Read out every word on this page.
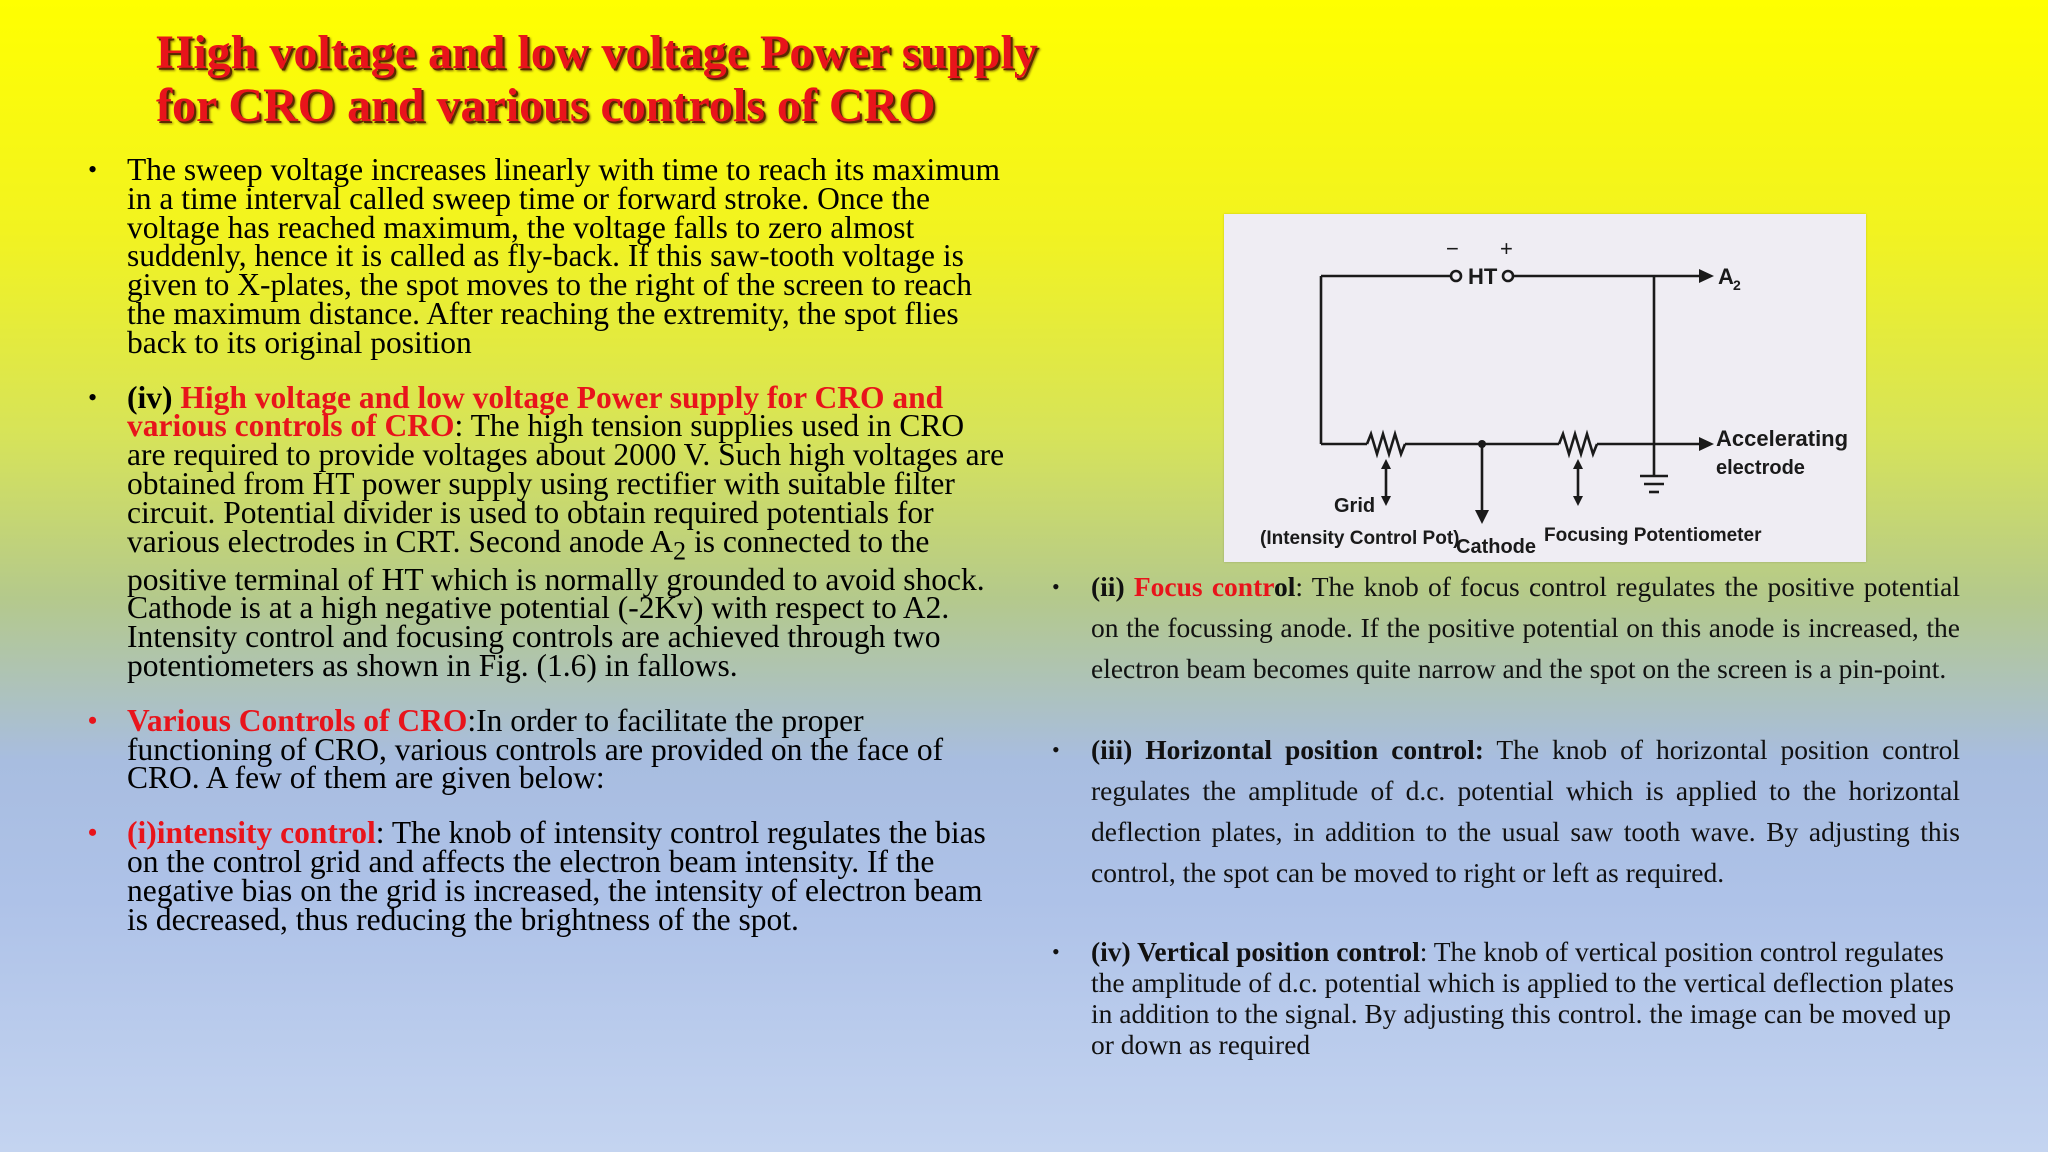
High voltage and low voltage Power supply
for CRO and various controls of CRO
• The sweep voltage increases linearly with time to reach its maximum in a time interval called sweep time or forward stroke. Once the voltage has reached maximum, the voltage falls to zero almost suddenly, hence it is called as fly-back. If this saw-tooth voltage is given to X-plates, the spot moves to the right of the screen to reach the maximum distance. After reaching the extremity, the spot flies back to its original position
• (iv) High voltage and low voltage Power supply for CRO and various controls of CRO: The high tension supplies used in CRO are required to provide voltages about 2000 V. Such high voltages are obtained from HT power supply using rectifier with suitable filter circuit. Potential divider is used to obtain required potentials for various electrodes in CRT. Second anode $A_2$ is connected to the positive terminal of HT which is normally grounded to avoid shock. Cathode is at a high negative potential (-2Kv) with respect to A2. Intensity control and focusing controls are achieved through two potentiometers as shown in Fig. (1.6) in fallows.
• Various Controls of CRO:In order to facilitate the proper functioning of CRO, various controls are provided on the face of CRO. A few of them are given below:
• (i)intensity control: The knob of intensity control regulates the bias on the control grid and affects the electron beam intensity. If the negative bias on the grid is increased, the intensity of electron beam is decreased, thus reducing the brightness of the spot.
−
HT
+
A 2
Accelerating
electrode
Grid
(Intensity Control Pot)
Cathode
Focusing Potentiometer
• (ii) Focus control: The knob of focus control regulates the positive potential on the focussing anode. If the positive potential on this anode is increased, the electron beam becomes quite narrow and the spot on the screen is a pin-point.
• (iii) Horizontal position control: The knob of horizontal position control regulates the amplitude of d.c. potential which is applied to the horizontal deflection plates, in addition to the usual saw tooth wave. By adjusting this control, the spot can be moved to right or left as required.
• (iv) Vertical position control: The knob of vertical position control regulates the amplitude of d.c. potential which is applied to the vertical deflection plates in addition to the signal. By adjusting this control. the image can be moved up or down as required
